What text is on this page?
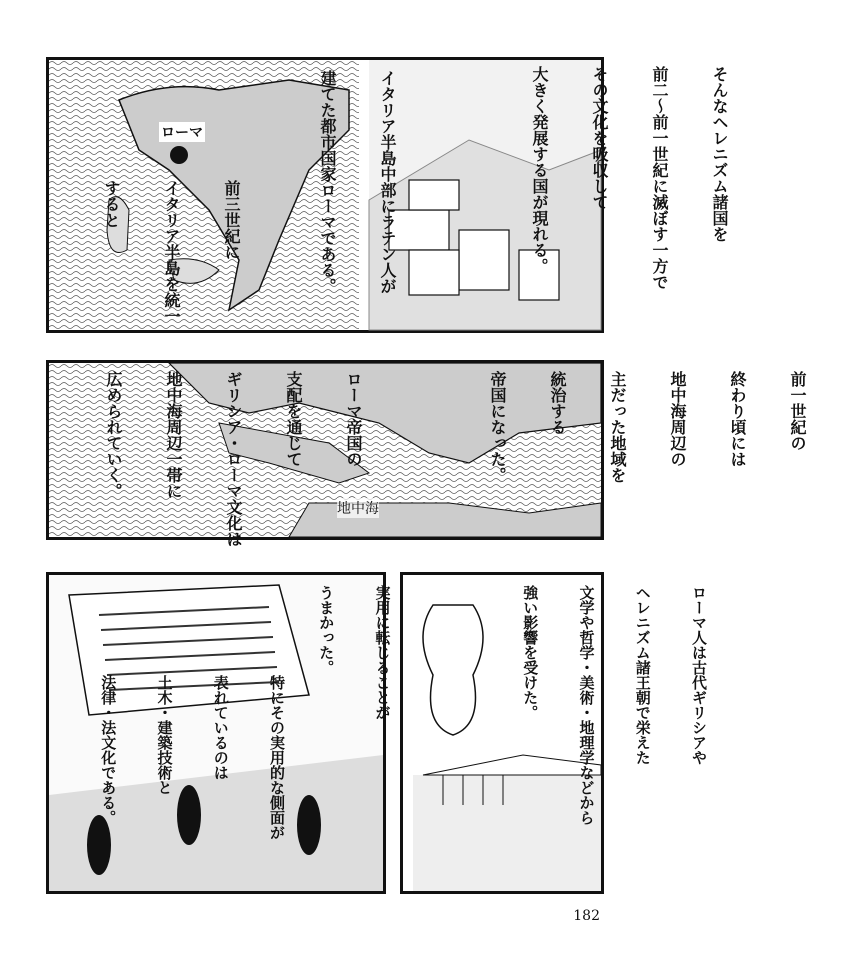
ローマ

前三世紀に

イタリア半島を統一

すると

	イタリア半島中部にラテン人が

建てた都市国家ローマである。

	そんなヘレニズム諸国を

前二〜前一世紀に滅ぼす一方で

その文化を吸収して

大きく発展する国が現れる。

地中海

ローマ帝国の

支配を通じて

ギリシア・ローマ文化は

地中海周辺一帯に

広められていく。

	前一世紀の

終わり頃には

地中海周辺の

主だった地域を

統治する

帝国になった。

実用に転じることが

うまかった。

特にその実用的な側面が

表れているのは

土木・建築技術と

法律・法文化である。

	ローマ人は古代ギリシアや

ヘレニズム諸王朝で栄えた

文学や哲学・美術・地理学などから

強い影響を受けた。

182
